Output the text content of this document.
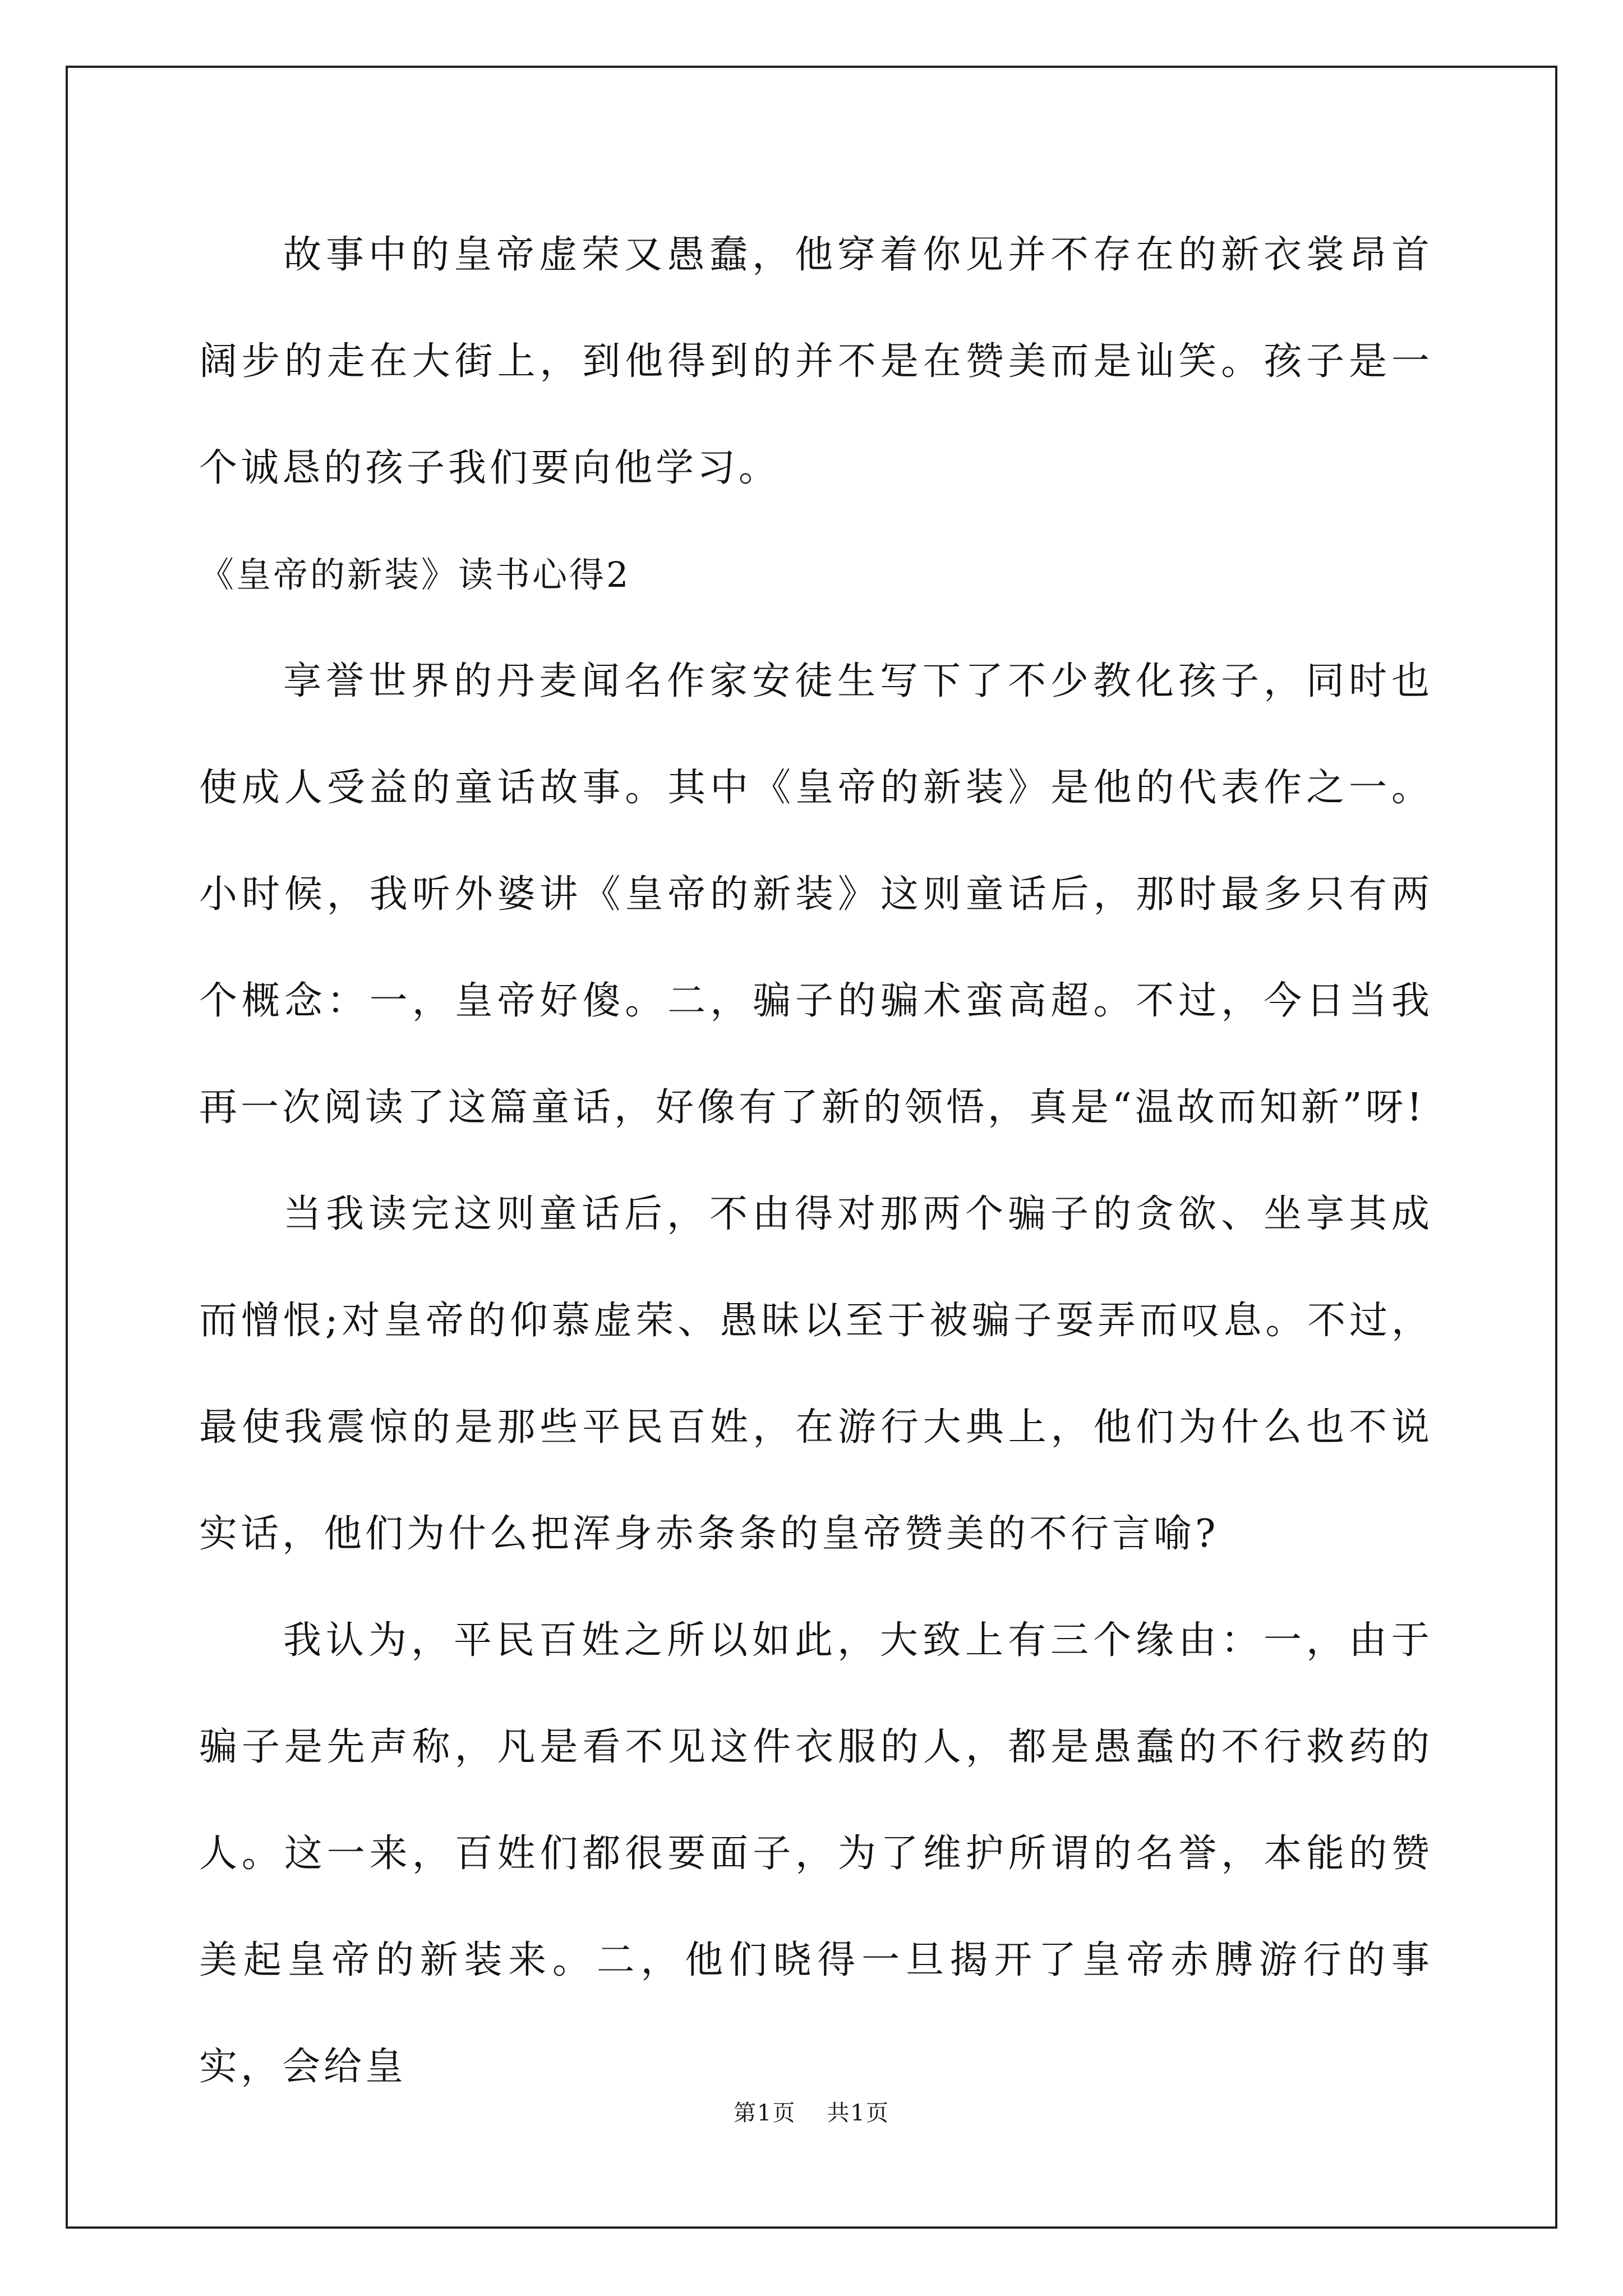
故事中的皇帝虚荣又愚蠢，他穿着你见并不存在的新衣裳昂首阔步的走在大街上，到他得到的并不是在赞美而是讪笑。孩子是一个诚恳的孩子我们要向他学习。

《皇帝的新装》读书心得2

享誉世界的丹麦闻名作家安徒生写下了不少教化孩子，同时也使成人受益的童话故事。其中《皇帝的新装》是他的代表作之一。小时候，我听外婆讲《皇帝的新装》这则童话后，那时最多只有两个概念：一，皇帝好傻。二，骗子的骗术蛮高超。不过，今日当我再一次阅读了这篇童话，好像有了新的领悟，真是“温故而知新”呀!

当我读完这则童话后，不由得对那两个骗子的贪欲、坐享其成而憎恨;对皇帝的仰慕虚荣、愚昧以至于被骗子耍弄而叹息。不过，最使我震惊的是那些平民百姓，在游行大典上，他们为什么也不说实话，他们为什么把浑身赤条条的皇帝赞美的不行言喻?

我认为，平民百姓之所以如此，大致上有三个缘由：一，由于骗子是先声称，凡是看不见这件衣服的人，都是愚蠢的不行救药的人。这一来，百姓们都很要面子，为了维护所谓的名誉，本能的赞美起皇帝的新装来。二，他们晓得一旦揭开了皇帝赤膊游行的事实，会给皇

第1页 共1页
